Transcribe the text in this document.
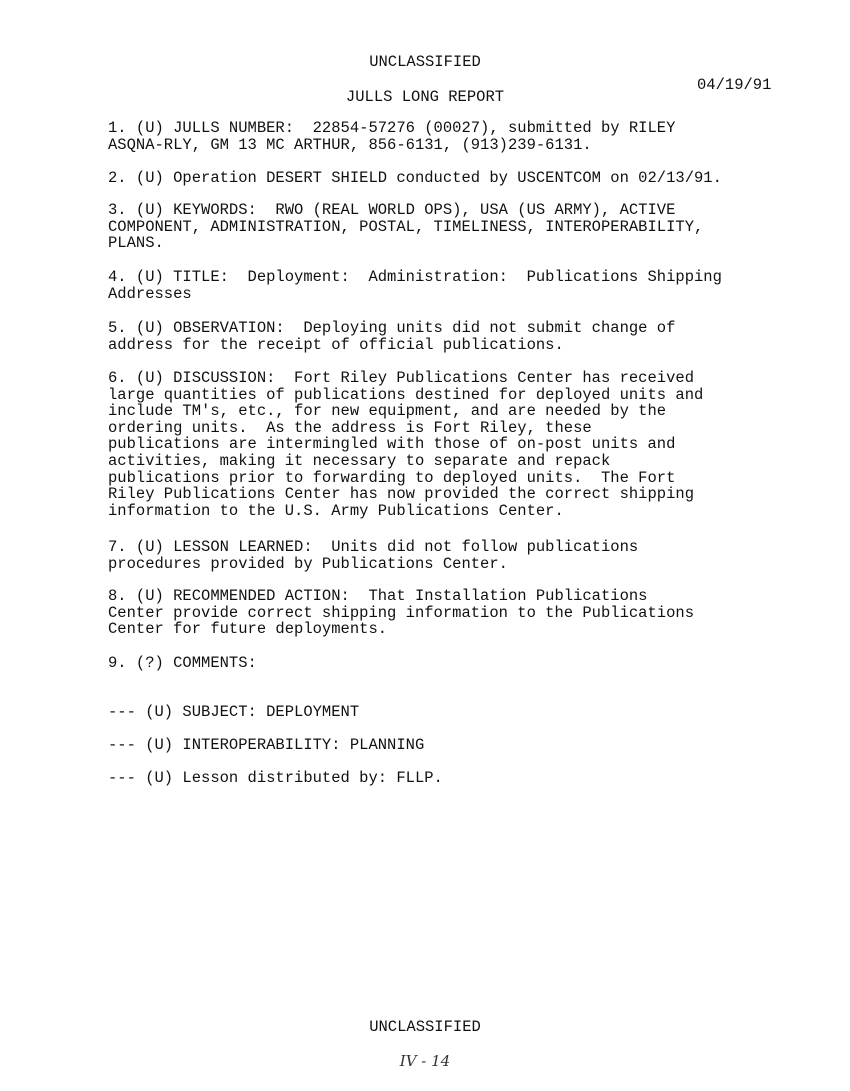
UNCLASSIFIED
04/19/91
JULLS LONG REPORT
1. (U) JULLS NUMBER:  22854-57276 (00027), submitted by RILEY
ASQNA-RLY, GM 13 MC ARTHUR, 856-6131, (913)239-6131.
2. (U) Operation DESERT SHIELD conducted by USCENTCOM on 02/13/91.
3. (U) KEYWORDS:  RWO (REAL WORLD OPS), USA (US ARMY), ACTIVE
COMPONENT, ADMINISTRATION, POSTAL, TIMELINESS, INTEROPERABILITY,
PLANS.
4. (U) TITLE:  Deployment:  Administration:  Publications Shipping
Addresses
5. (U) OBSERVATION:  Deploying units did not submit change of
address for the receipt of official publications.
6. (U) DISCUSSION:  Fort Riley Publications Center has received
large quantities of publications destined for deployed units and
include TM's, etc., for new equipment, and are needed by the
ordering units.  As the address is Fort Riley, these
publications are intermingled with those of on-post units and
activities, making it necessary to separate and repack
publications prior to forwarding to deployed units.  The Fort
Riley Publications Center has now provided the correct shipping
information to the U.S. Army Publications Center.
7. (U) LESSON LEARNED:  Units did not follow publications
procedures provided by Publications Center.
8. (U) RECOMMENDED ACTION:  That Installation Publications
Center provide correct shipping information to the Publications
Center for future deployments.
9. (?) COMMENTS:
--- (U) SUBJECT: DEPLOYMENT
--- (U) INTEROPERABILITY: PLANNING
--- (U) Lesson distributed by: FLLP.
UNCLASSIFIED
IV - 14
